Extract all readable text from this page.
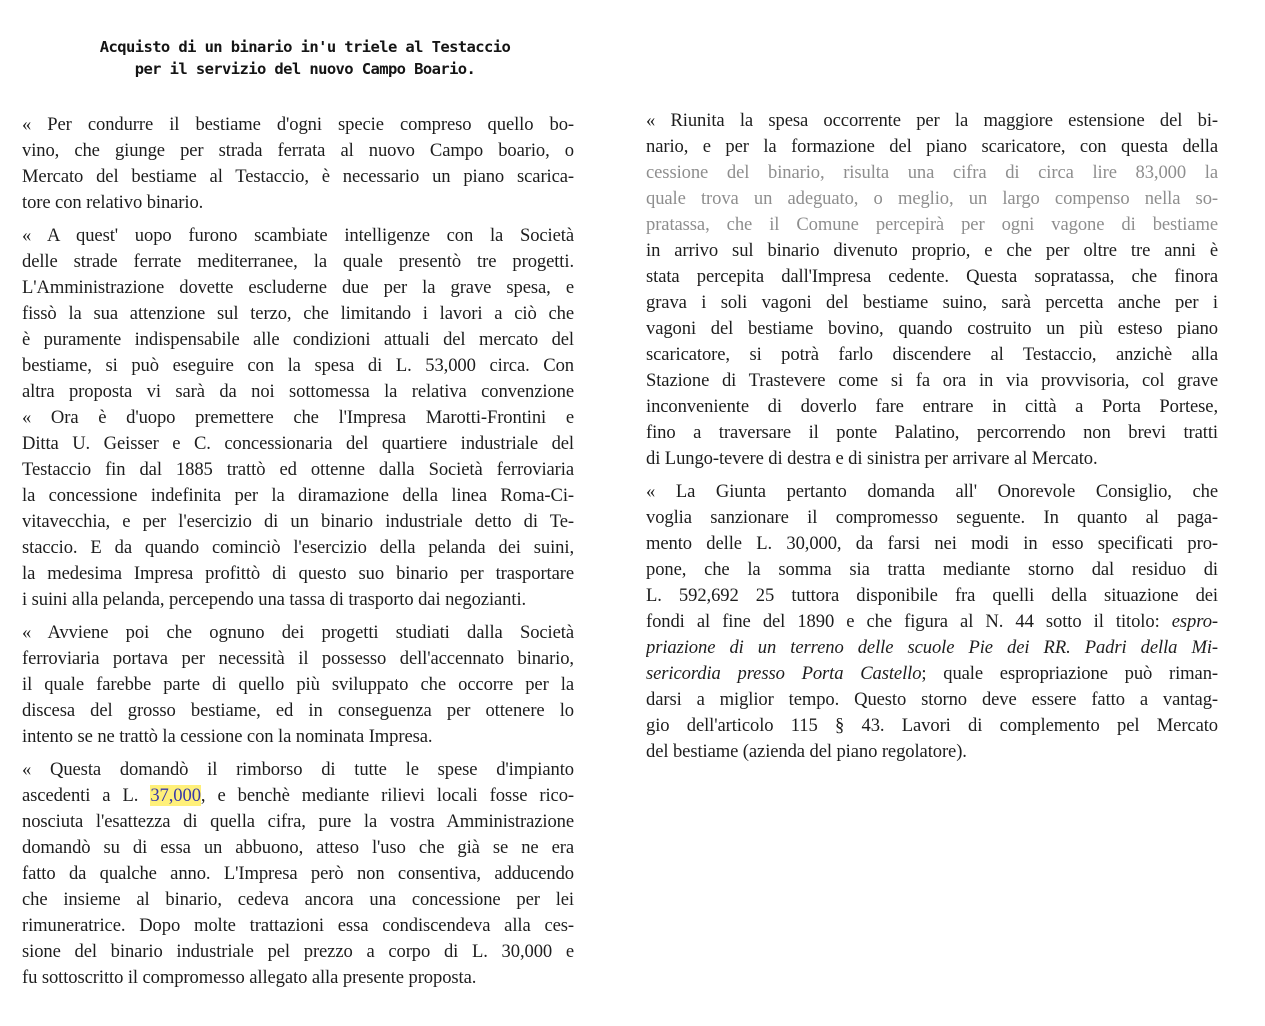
Acquisto di un binario in'u triele al Testaccio
per il servizio del nuovo Campo Boario.
« Per condurre il bestiame d'ogni specie compreso quello bo-
vino, che giunge per strada ferrata al nuovo Campo boario, o
Mercato del bestiame al Testaccio, è necessario un piano scarica-
tore con relativo binario.
« A quest' uopo furono scambiate intelligenze con la Società
delle strade ferrate mediterranee, la quale presentò tre progetti.
L'Amministrazione dovette escluderne due per la grave spesa, e
fissò la sua attenzione sul terzo, che limitando i lavori a ciò che
è puramente indispensabile alle condizioni attuali del mercato del
bestiame, si può eseguire con la spesa di L. 53,000 circa. Con
altra proposta vi sarà da noi sottomessa la relativa convenzione
« Ora è d'uopo premettere che l'Impresa Marotti-Frontini e
Ditta U. Geisser e C. concessionaria del quartiere industriale del
Testaccio fin dal 1885 trattò ed ottenne dalla Società ferroviaria
la concessione indefinita per la diramazione della linea Roma-Ci-
vitavecchia, e per l'esercizio di un binario industriale detto di Te-
staccio. E da quando cominciò l'esercizio della pelanda dei suini,
la medesima Impresa profittò di questo suo binario per trasportare
i suini alla pelanda, percependo una tassa di trasporto dai negozianti.
« Avviene poi che ognuno dei progetti studiati dalla Società
ferroviaria portava per necessità il possesso dell'accennato binario,
il quale farebbe parte di quello più sviluppato che occorre per la
discesa del grosso bestiame, ed in conseguenza per ottenere lo
intento se ne trattò la cessione con la nominata Impresa.
« Questa domandò il rimborso di tutte le spese d'impianto
ascedenti a L. 37,000, e benchè mediante rilievi locali fosse rico-
nosciuta l'esattezza di quella cifra, pure la vostra Amministrazione
domandò su di essa un abbuono, atteso l'uso che già se ne era
fatto da qualche anno. L'Impresa però non consentiva, adducendo
che insieme al binario, cedeva ancora una concessione per lei
rimuneratrice. Dopo molte trattazioni essa condiscendeva alla ces-
sione del binario industriale pel prezzo a corpo di L. 30,000 e
fu sottoscritto il compromesso allegato alla presente proposta.
« Riunita la spesa occorrente per la maggiore estensione del bi-
nario, e per la formazione del piano scaricatore, con questa della
cessione del binario, risulta una cifra di circa lire 83,000 la
quale trova un adeguato, o meglio, un largo compenso nella so-
pratassa, che il Comune percepirà per ogni vagone di bestiame
in arrivo sul binario divenuto proprio, e che per oltre tre anni è
stata percepita dall'Impresa cedente. Questa sopratassa, che finora
grava i soli vagoni del bestiame suino, sarà percetta anche per i
vagoni del bestiame bovino, quando costruito un più esteso piano
scaricatore, si potrà farlo discendere al Testaccio, anzichè alla
Stazione di Trastevere come si fa ora in via provvisoria, col grave
inconveniente di doverlo fare entrare in città a Porta Portese,
fino a traversare il ponte Palatino, percorrendo non brevi tratti
di Lungo-tevere di destra e di sinistra per arrivare al Mercato.
« La Giunta pertanto domanda all' Onorevole Consiglio, che
voglia sanzionare il compromesso seguente. In quanto al paga-
mento delle L. 30,000, da farsi nei modi in esso specificati pro-
pone, che la somma sia tratta mediante storno dal residuo di
L. 592,692 25 tuttora disponibile fra quelli della situazione dei
fondi al fine del 1890 e che figura al N. 44 sotto il titolo: espro-
priazione di un terreno delle scuole Pie dei RR. Padri della Mi-
sericordia presso Porta Castello; quale espropriazione può riman-
darsi a miglior tempo. Questo storno deve essere fatto a vantag-
gio dell'articolo 115 § 43. Lavori di complemento pel Mercato
del bestiame (azienda del piano regolatore).
